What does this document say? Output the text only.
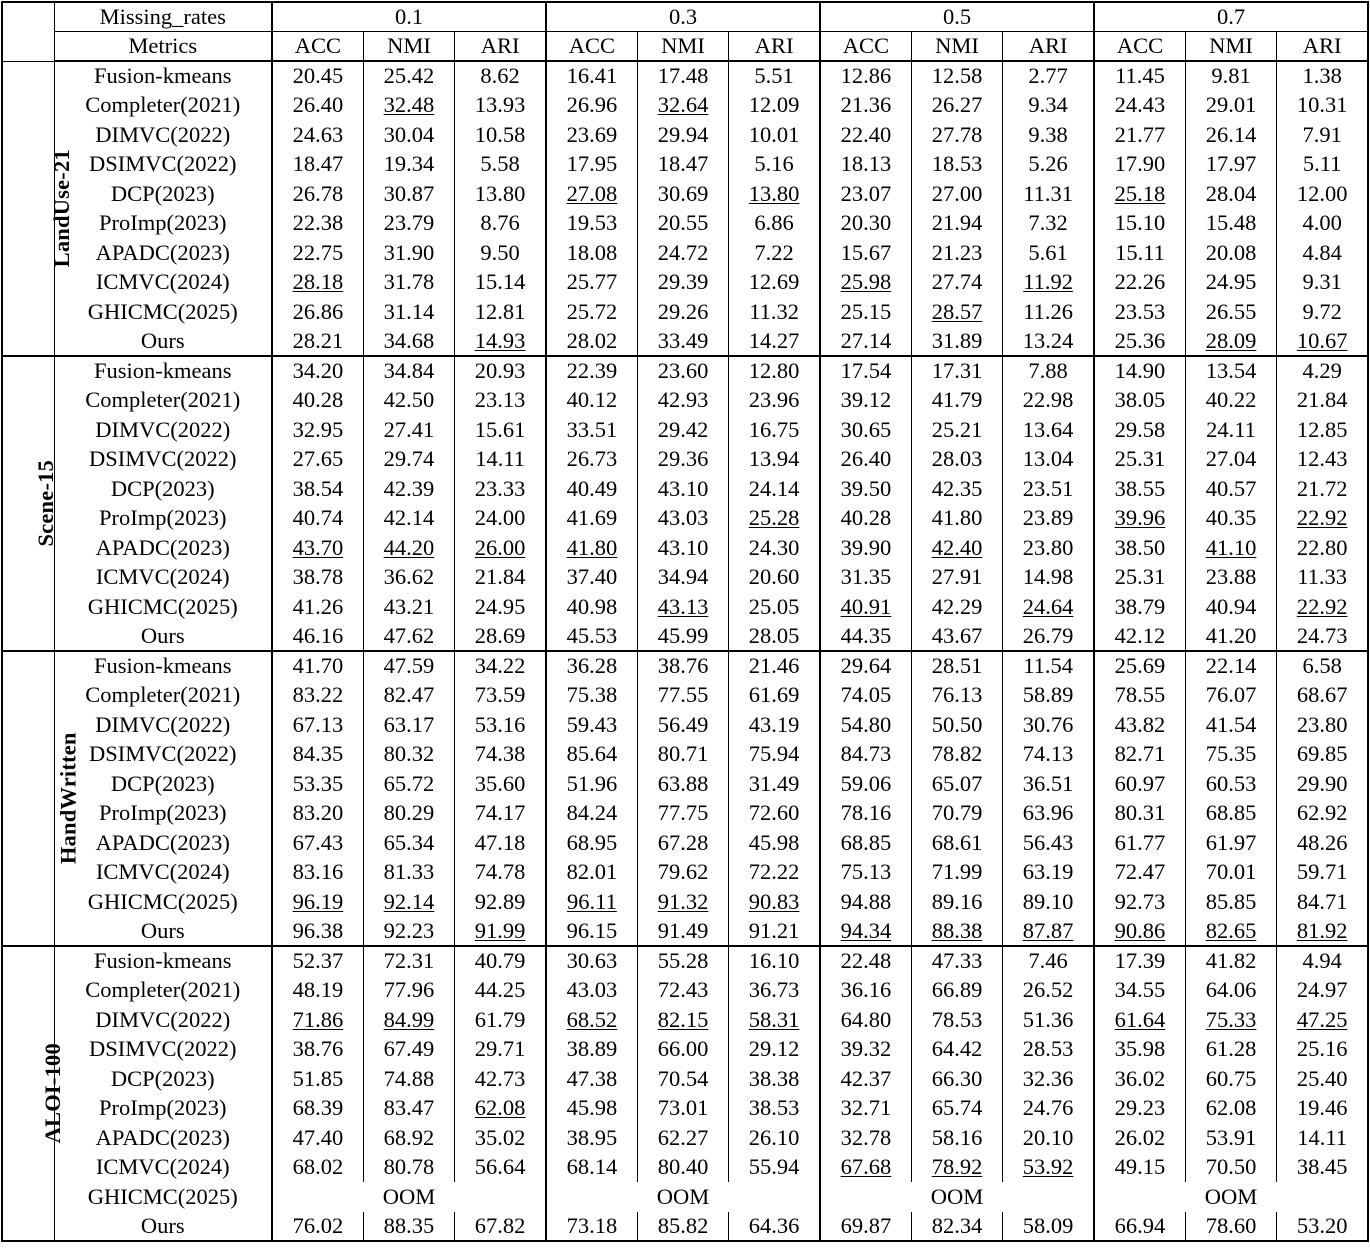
	Missing_rates	0.1			0.3			0.5			0.7		
	Metrics	ACC	NMI	ARI	ACC	NMI	ARI	ACC	NMI	ARI	ACC	NMI	ARI
LandUse-21	Fusion-kmeans	20.45	25.42	8.62	16.41	17.48	5.51	12.86	12.58	2.77	11.45	9.81	1.38
	Completer(2021)	26.40	32.48	13.93	26.96	32.64	12.09	21.36	26.27	9.34	24.43	29.01	10.31
	DIMVC(2022)	24.63	30.04	10.58	23.69	29.94	10.01	22.40	27.78	9.38	21.77	26.14	7.91
	DSIMVC(2022)	18.47	19.34	5.58	17.95	18.47	5.16	18.13	18.53	5.26	17.90	17.97	5.11
	DCP(2023)	26.78	30.87	13.80	27.08	30.69	13.80	23.07	27.00	11.31	25.18	28.04	12.00
	ProImp(2023)	22.38	23.79	8.76	19.53	20.55	6.86	20.30	21.94	7.32	15.10	15.48	4.00
	APADC(2023)	22.75	31.90	9.50	18.08	24.72	7.22	15.67	21.23	5.61	15.11	20.08	4.84
	ICMVC(2024)	28.18	31.78	15.14	25.77	29.39	12.69	25.98	27.74	11.92	22.26	24.95	9.31
	GHICMC(2025)	26.86	31.14	12.81	25.72	29.26	11.32	25.15	28.57	11.26	23.53	26.55	9.72
	Ours	28.21	34.68	14.93	28.02	33.49	14.27	27.14	31.89	13.24	25.36	28.09	10.67
Scene-15	Fusion-kmeans	34.20	34.84	20.93	22.39	23.60	12.80	17.54	17.31	7.88	14.90	13.54	4.29
	Completer(2021)	40.28	42.50	23.13	40.12	42.93	23.96	39.12	41.79	22.98	38.05	40.22	21.84
	DIMVC(2022)	32.95	27.41	15.61	33.51	29.42	16.75	30.65	25.21	13.64	29.58	24.11	12.85
	DSIMVC(2022)	27.65	29.74	14.11	26.73	29.36	13.94	26.40	28.03	13.04	25.31	27.04	12.43
	DCP(2023)	38.54	42.39	23.33	40.49	43.10	24.14	39.50	42.35	23.51	38.55	40.57	21.72
	ProImp(2023)	40.74	42.14	24.00	41.69	43.03	25.28	40.28	41.80	23.89	39.96	40.35	22.92
	APADC(2023)	43.70	44.20	26.00	41.80	43.10	24.30	39.90	42.40	23.80	38.50	41.10	22.80
	ICMVC(2024)	38.78	36.62	21.84	37.40	34.94	20.60	31.35	27.91	14.98	25.31	23.88	11.33
	GHICMC(2025)	41.26	43.21	24.95	40.98	43.13	25.05	40.91	42.29	24.64	38.79	40.94	22.92
	Ours	46.16	47.62	28.69	45.53	45.99	28.05	44.35	43.67	26.79	42.12	41.20	24.73
HandWritten	Fusion-kmeans	41.70	47.59	34.22	36.28	38.76	21.46	29.64	28.51	11.54	25.69	22.14	6.58
	Completer(2021)	83.22	82.47	73.59	75.38	77.55	61.69	74.05	76.13	58.89	78.55	76.07	68.67
	DIMVC(2022)	67.13	63.17	53.16	59.43	56.49	43.19	54.80	50.50	30.76	43.82	41.54	23.80
	DSIMVC(2022)	84.35	80.32	74.38	85.64	80.71	75.94	84.73	78.82	74.13	82.71	75.35	69.85
	DCP(2023)	53.35	65.72	35.60	51.96	63.88	31.49	59.06	65.07	36.51	60.97	60.53	29.90
	ProImp(2023)	83.20	80.29	74.17	84.24	77.75	72.60	78.16	70.79	63.96	80.31	68.85	62.92
	APADC(2023)	67.43	65.34	47.18	68.95	67.28	45.98	68.85	68.61	56.43	61.77	61.97	48.26
	ICMVC(2024)	83.16	81.33	74.78	82.01	79.62	72.22	75.13	71.99	63.19	72.47	70.01	59.71
	GHICMC(2025)	96.19	92.14	92.89	96.11	91.32	90.83	94.88	89.16	89.10	92.73	85.85	84.71
	Ours	96.38	92.23	91.99	96.15	91.49	91.21	94.34	88.38	87.87	90.86	82.65	81.92
ALOI-100	Fusion-kmeans	52.37	72.31	40.79	30.63	55.28	16.10	22.48	47.33	7.46	17.39	41.82	4.94
	Completer(2021)	48.19	77.96	44.25	43.03	72.43	36.73	36.16	66.89	26.52	34.55	64.06	24.97
	DIMVC(2022)	71.86	84.99	61.79	68.52	82.15	58.31	64.80	78.53	51.36	61.64	75.33	47.25
	DSIMVC(2022)	38.76	67.49	29.71	38.89	66.00	29.12	39.32	64.42	28.53	35.98	61.28	25.16
	DCP(2023)	51.85	74.88	42.73	47.38	70.54	38.38	42.37	66.30	32.36	36.02	60.75	25.40
	ProImp(2023)	68.39	83.47	62.08	45.98	73.01	38.53	32.71	65.74	24.76	29.23	62.08	19.46
	APADC(2023)	47.40	68.92	35.02	38.95	62.27	26.10	32.78	58.16	20.10	26.02	53.91	14.11
	ICMVC(2024)	68.02	80.78	56.64	68.14	80.40	55.94	67.68	78.92	53.92	49.15	70.50	38.45
	GHICMC(2025)	OOM			OOM			OOM			OOM		
	Ours	76.02	88.35	67.82	73.18	85.82	64.36	69.87	82.34	58.09	66.94	78.60	53.20
